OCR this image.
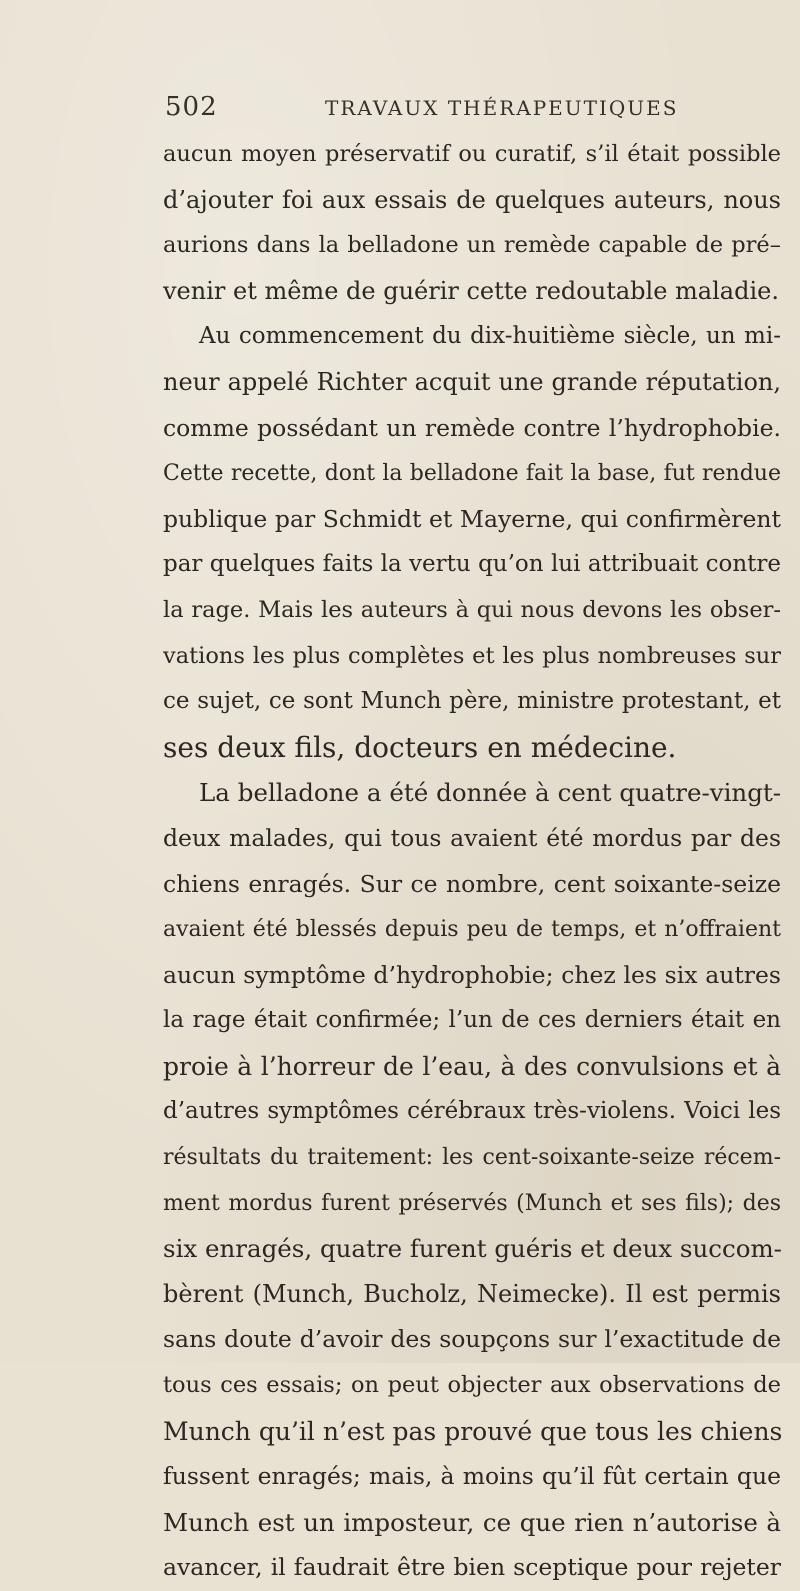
502	TRAVAUX THÉRAPEUTIQUES
aucun moyen préservatif ou curatif, s’il était possible
d’ajouter foi aux essais de quelques auteurs, nous
aurions dans la belladone un remède capable de pré–
venir et même de guérir cette redoutable maladie.
Au commencement du dix-huitième siècle, un mi-
neur appelé Richter acquit une grande réputation,
comme possédant un remède contre l’hydrophobie.
Cette recette, dont la belladone fait la base, fut rendue
publique par Schmidt et Mayerne, qui confirmèrent
par quelques faits la vertu qu’on lui attribuait contre
la rage. Mais les auteurs à qui nous devons les obser-
vations les plus complètes et les plus nombreuses sur
ce sujet, ce sont Munch père, ministre protestant, et
ses deux fils, docteurs en médecine.
La belladone a été donnée à cent quatre-vingt-
deux malades, qui tous avaient été mordus par des
chiens enragés. Sur ce nombre, cent soixante-seize
avaient été blessés depuis peu de temps, et n’offraient
aucun symptôme d’hydrophobie; chez les six autres
la rage était confirmée; l’un de ces derniers était en
proie à l’horreur de l’eau, à des convulsions et à
d’autres symptômes cérébraux très-violens. Voici les
résultats du traitement: les cent-soixante-seize récem-
ment mordus furent préservés (Munch et ses fils); des
six enragés, quatre furent guéris et deux succom-
bèrent (Munch, Bucholz, Neimecke). Il est permis
sans doute d’avoir des soupçons sur l’exactitude de
tous ces essais; on peut objecter aux observations de
Munch qu’il n’est pas prouvé que tous les chiens
fussent enragés; mais, à moins qu’il fût certain que
Munch est un imposteur, ce que rien n’autorise à
avancer, il faudrait être bien sceptique pour rejeter
